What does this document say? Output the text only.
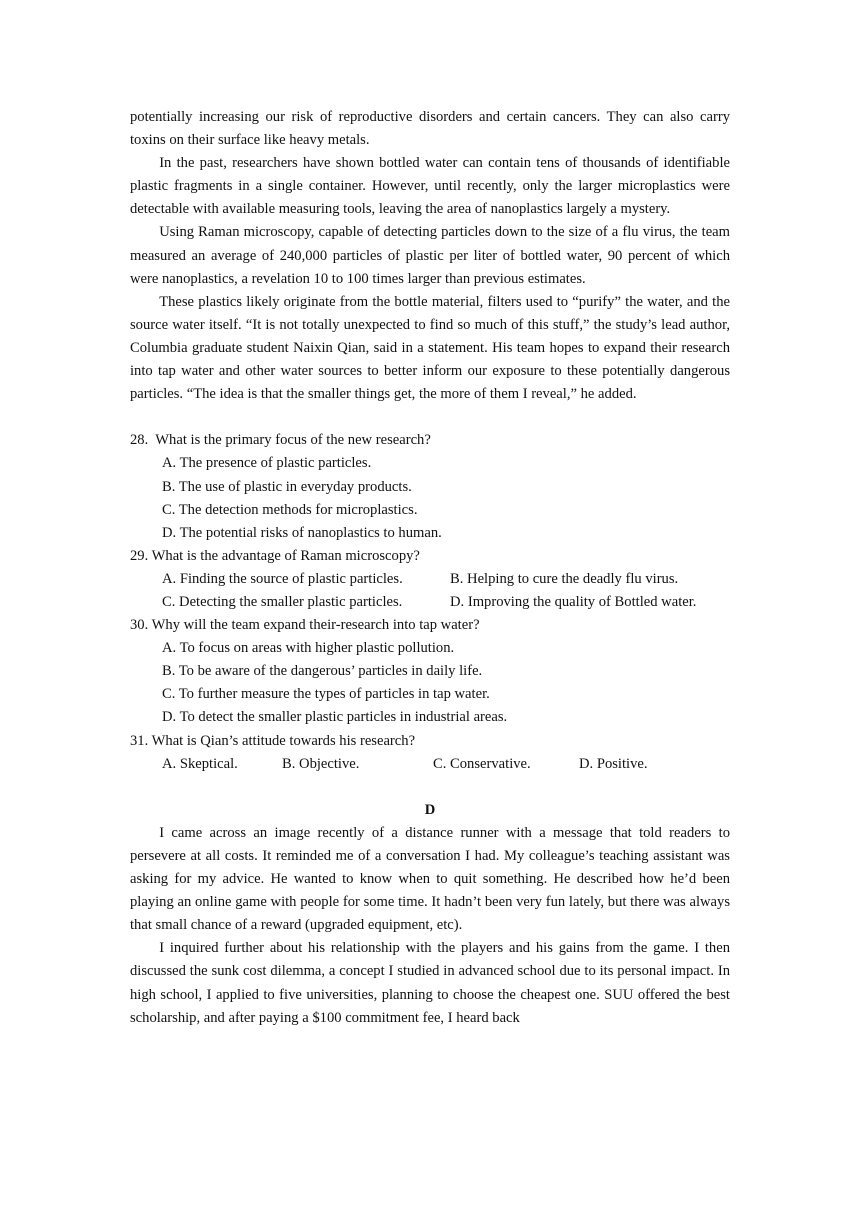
potentially increasing our risk of reproductive disorders and certain cancers. They can also carry toxins on their surface like heavy metals.

In the past, researchers have shown bottled water can contain tens of thousands of identifiable plastic fragments in a single container. However, until recently, only the larger microplastics were detectable with available measuring tools, leaving the area of nanoplastics largely a mystery.

Using Raman microscopy, capable of detecting particles down to the size of a flu virus, the team measured an average of 240,000 particles of plastic per liter of bottled water, 90 percent of which were nanoplastics, a revelation 10 to 100 times larger than previous estimates.

These plastics likely originate from the bottle material, filters used to “purify” the water, and the source water itself. “It is not totally unexpected to find so much of this stuff,” the study’s lead author, Columbia graduate student Naixin Qian, said in a statement. His team hopes to expand their research into tap water and other water sources to better inform our exposure to these potentially dangerous particles. “The idea is that the smaller things get, the more of them I reveal,” he added.

28.  What is the primary focus of the new research?

A. The presence of plastic particles.

B. The use of plastic in everyday products.

C. The detection methods for microplastics.

D. The potential risks of nanoplastics to human.

29. What is the advantage of Raman microscopy?

A. Finding the source of plastic particles.	B. Helping to cure the deadly flu virus.
C. Detecting the smaller plastic particles.	D. Improving the quality of Bottled water.

30. Why will the team expand their-research into tap water?

A. To focus on areas with higher plastic pollution.

B. To be aware of the dangerous’ particles in daily life.

C. To further measure the types of particles in tap water.

D. To detect the smaller plastic particles in industrial areas.

31. What is Qian’s attitude towards his research?

A. Skeptical.	B. Objective.	C. Conservative.	D. Positive.

D

I came across an image recently of a distance runner with a message that told readers to persevere at all costs. It reminded me of a conversation I had. My colleague’s teaching assistant was asking for my advice. He wanted to know when to quit something. He described how he’d been playing an online game with people for some time. It hadn’t been very fun lately, but there was always that small chance of a reward (upgraded equipment, etc).

I inquired further about his relationship with the players and his gains from the game. I then discussed the sunk cost dilemma, a concept I studied in advanced school due to its personal impact. In high school, I applied to five universities, planning to choose the cheapest one. SUU offered the best scholarship, and after paying a $100 commitment fee, I heard back
